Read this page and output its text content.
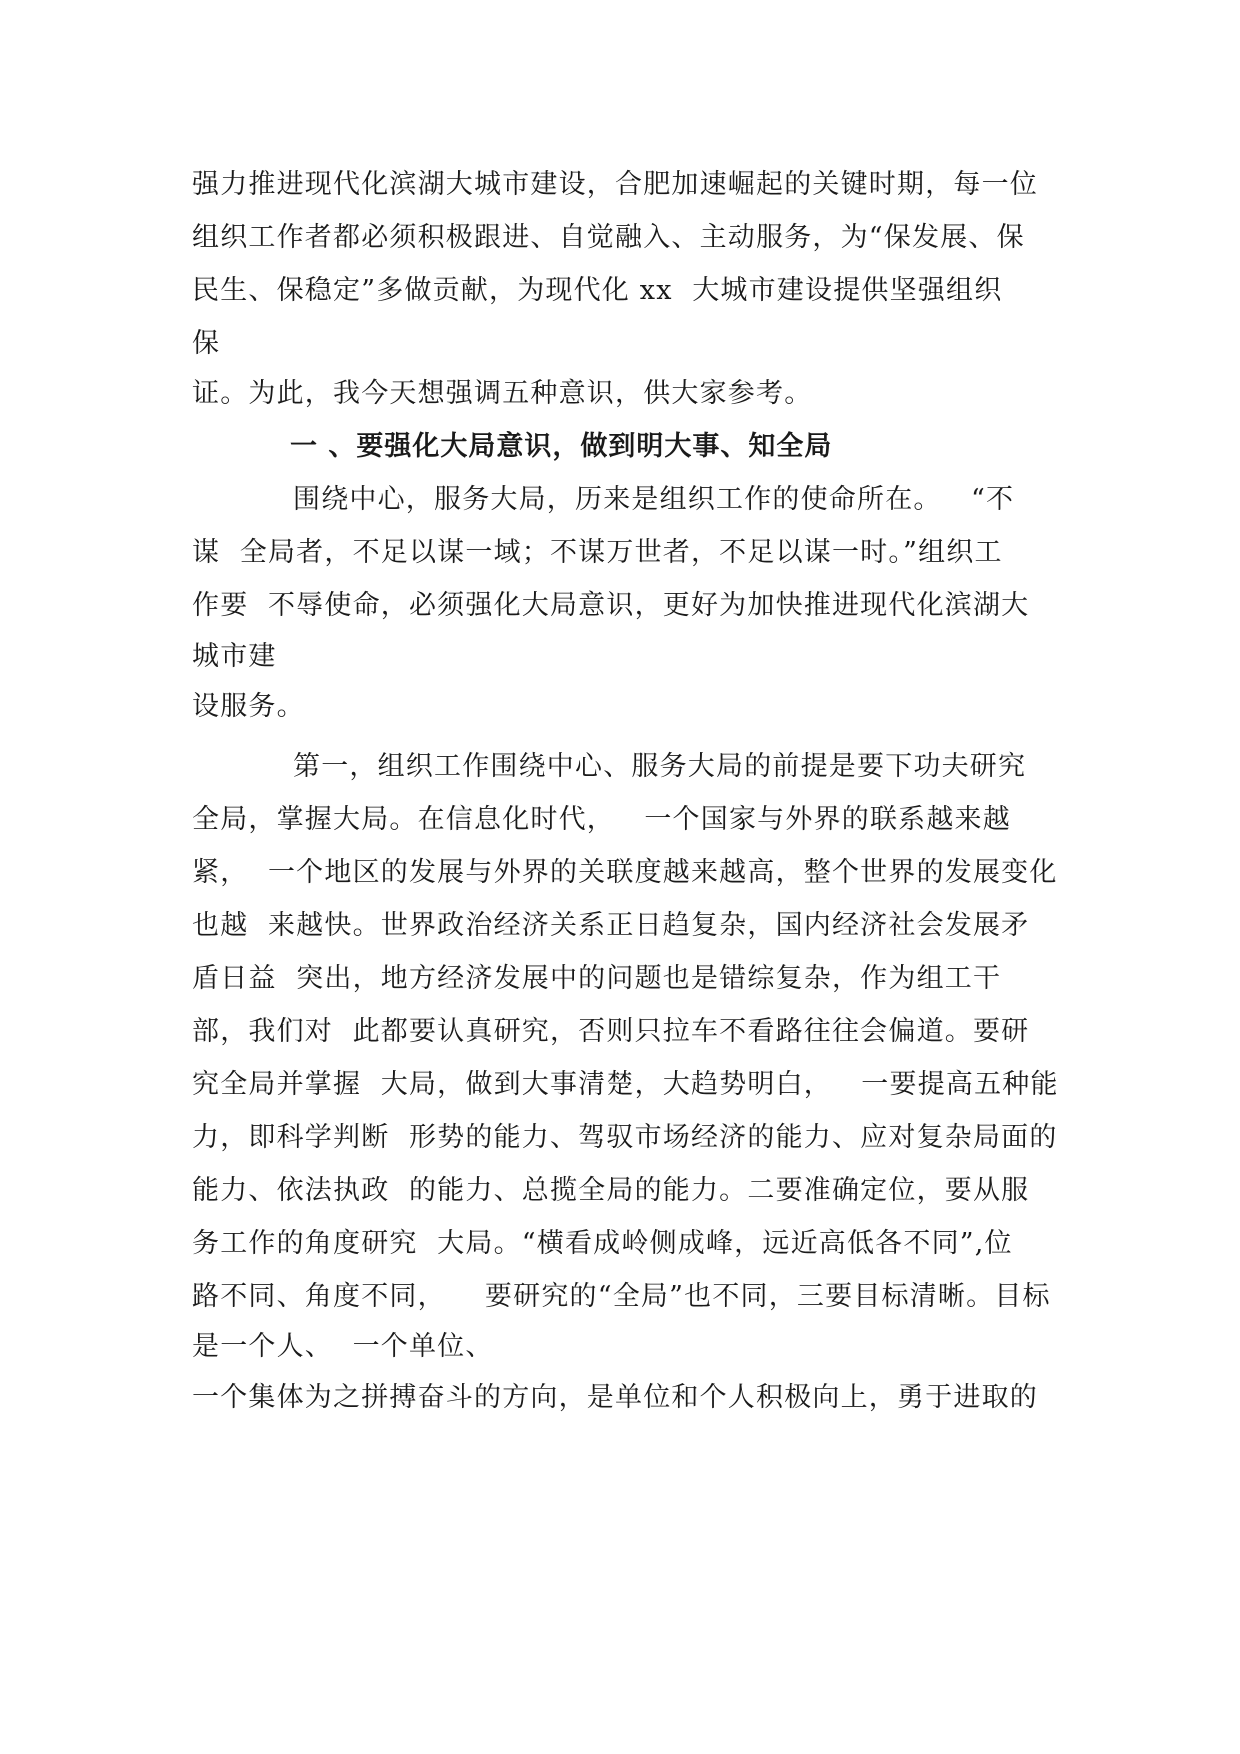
强力推进现代化滨湖大城市建设，合肥加速崛起的关键时期，每一位
组织工作者都必须积极跟进、自觉融入、主动服务，为“保发展、保
民生、保稳定”多做贡献，为现代化 xx  大城市建设提供坚强组织
保
证。为此，我今天想强调五种意识，供大家参考。
一 、要强化大局意识，做到明大事、知全局
围绕中心，服务大局，历来是组织工作的使命所在。   “不
谋  全局者，不足以谋一域；不谋万世者，不足以谋一时。”组织工
作要  不辱使命，必须强化大局意识，更好为加快推进现代化滨湖大
城市建
设服务。
第一，组织工作围绕中心、服务大局的前提是要下功夫研究
全局，掌握大局。在信息化时代，   一个国家与外界的联系越来越
紧，  一个地区的发展与外界的关联度越来越高，整个世界的发展变化
也越  来越快。世界政治经济关系正日趋复杂，国内经济社会发展矛
盾日益  突出，地方经济发展中的问题也是错综复杂，作为组工干
部，我们对  此都要认真研究，否则只拉车不看路往往会偏道。要研
究全局并掌握  大局，做到大事清楚，大趋势明白，   一要提高五种能
力，即科学判断  形势的能力、驾驭市场经济的能力、应对复杂局面的
能力、依法执政  的能力、总揽全局的能力。二要准确定位，要从服
务工作的角度研究  大局。“横看成岭侧成峰，远近高低各不同”,位
路不同、角度不同，    要研究的“全局”也不同，三要目标清晰。目标
是一个人、  一个单位、
一个集体为之拼搏奋斗的方向，是单位和个人积极向上，勇于进取的
